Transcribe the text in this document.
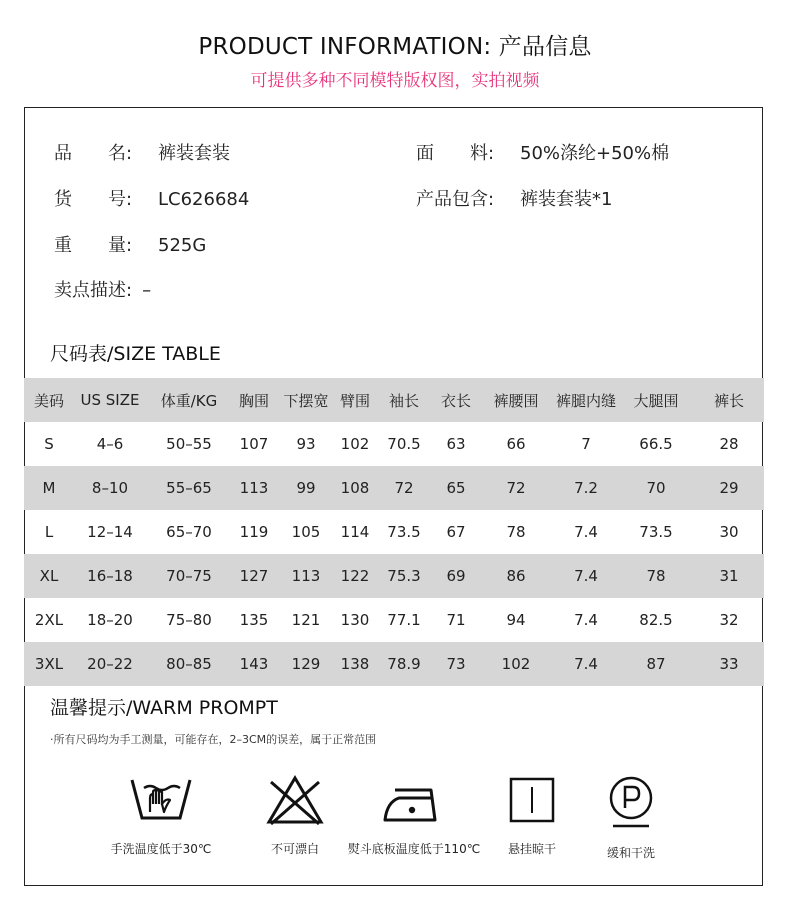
PRODUCT INFORMATION: 产品信息
可提供多种不同模特版权图，实拍视频
品　　名: 裤装套装	面　　料: 50%涤纶+50%棉
货　　号: LC626684	产品包含: 裤装套装*1
重　　量: 525G
卖点描述: –
尺码表/SIZE TABLE
美码	US SIZE	体重/KG	胸围	下摆宽	臂围	袖长	衣长	裤腰围	裤腿内缝	大腿围	裤长
S	4–6	50–55	107	93	102	70.5	63	66	7	66.5	28
M	8–10	55–65	113	99	108	72	65	72	7.2	70	29
L	12–14	65–70	119	105	114	73.5	67	78	7.4	73.5	30
XL	16–18	70–75	127	113	122	75.3	69	86	7.4	78	31
2XL	18–20	75–80	135	121	130	77.1	71	94	7.4	82.5	32
3XL	20–22	80–85	143	129	138	78.9	73	102	7.4	87	33
温馨提示/WARM PROMPT
·所有尺码均为手工测量，可能存在，2–3CM的误差，属于正常范围
手洗温度低于30℃	不可漂白	熨斗底板温度低于110℃	悬挂晾干	缓和干洗
